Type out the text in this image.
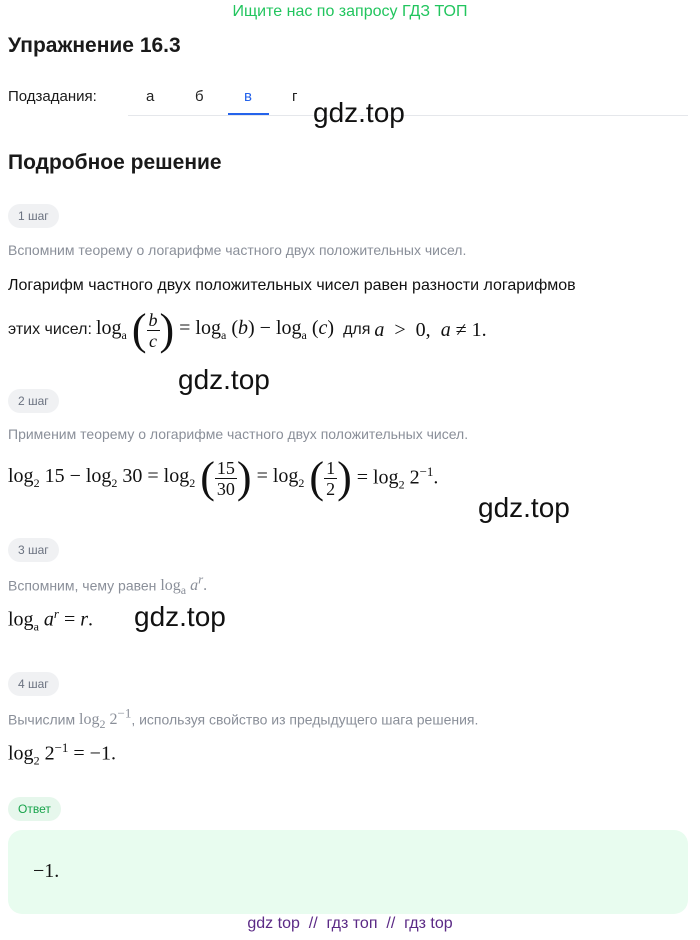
Ищите нас по запросу ГДЗ ТОП
Упражнение 16.3
Подзадания:	а	б	в	г
gdz.top
Подробное решение
1 шаг
Вспомним теорему о логарифме частного двух положительных чисел.
Логарифм частного двух положительных чисел равен разности логарифмов
этих чисел: $\log_a$ ( $\frac{b}{c}$ ) = $\log_a (b) - \log_a (c)$ для a  >  0,  a ≠ 1.
gdz.top
2 шаг
Применим теорему о логарифме частного двух положительных чисел.
$\log_2 15 - \log_2 30 = \log_2$ ( $\frac{15}{30}$ ) = $\log_2$ ( $\frac{1}{2}$ ) = $\log_2 2^{-1}$.
gdz.top
3 шаг
Вспомним, чему равен $\log_a a^r$.
$\log_a a^r = r$. gdz.top
4 шаг
Вычислим $\log_2 2^{-1}$, используя свойство из предыдущего шага решения.
$\log_2 2^{-1} = -1$.
Ответ
−1.
gdz top  //  гдз топ  //  гдз top
